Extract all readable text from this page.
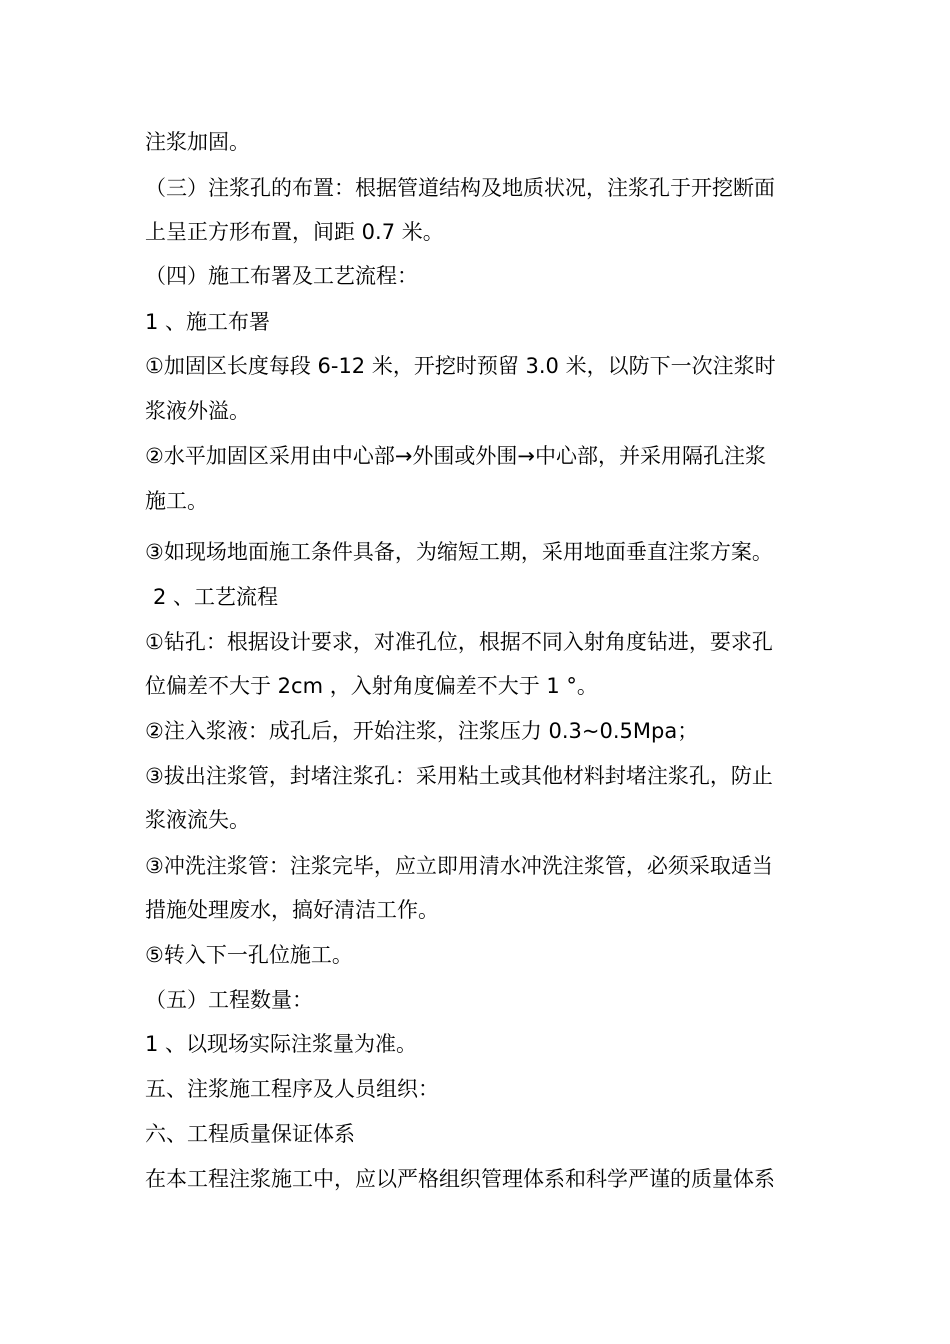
注浆加固。
（三）注浆孔的布置：根据管道结构及地质状况，注浆孔于开挖断面
上呈正方形布置，间距 0.7 米。
（四）施工布署及工艺流程：
1 、施工布署
①加固区长度每段 6-12 米，开挖时预留 3.0 米，以防下一次注浆时
浆液外溢。
②水平加固区采用由中心部→外围或外围→中心部，并采用隔孔注浆
施工。
③如现场地面施工条件具备，为缩短工期，采用地面垂直注浆方案。
2 、工艺流程
①钻孔：根据设计要求，对准孔位，根据不同入射角度钻进，要求孔
位偏差不大于 2cm ，入射角度偏差不大于 1 °。
②注入浆液：成孔后，开始注浆，注浆压力 0.3~0.5Mpa；
③拔出注浆管，封堵注浆孔：采用粘土或其他材料封堵注浆孔，防止
浆液流失。
③冲洗注浆管：注浆完毕，应立即用清水冲洗注浆管，必须采取适当
措施处理废水，搞好清洁工作。
⑤转入下一孔位施工。
（五）工程数量：
1 、以现场实际注浆量为准。
五、注浆施工程序及人员组织：
六、工程质量保证体系
在本工程注浆施工中，应以严格组织管理体系和科学严谨的质量体系
